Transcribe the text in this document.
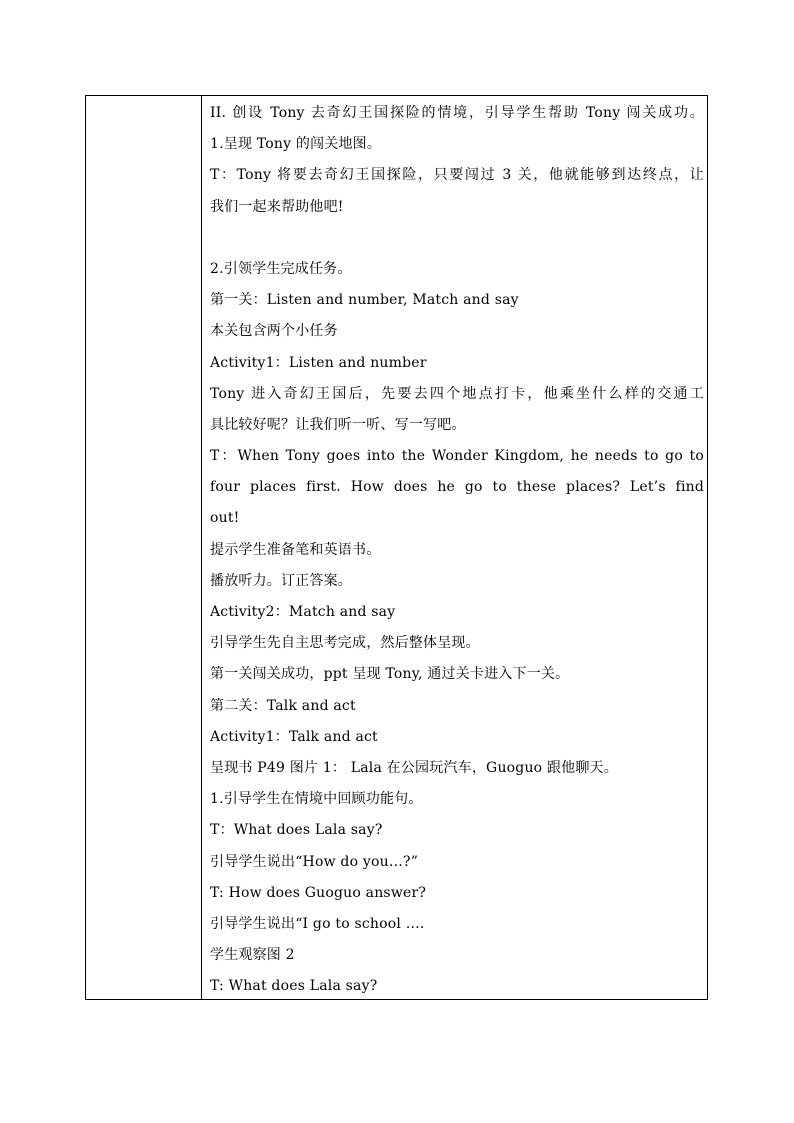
II. 创设 Tony 去奇幻王国探险的情境，引导学生帮助 Tony 闯关成功。
1.呈现 Tony 的闯关地图。
T：Tony 将要去奇幻王国探险，只要闯过 3 关，他就能够到达终点，让
我们一起来帮助他吧!
2.引领学生完成任务。
第一关：Listen and number, Match and say
本关包含两个小任务
Activity1：Listen and number
Tony 进入奇幻王国后，先要去四个地点打卡，他乘坐什么样的交通工
具比较好呢？让我们听一听、写一写吧。
T：When Tony goes into the Wonder Kingdom, he needs to go to
four places first. How does he go to these places? Let’s find
out!
提示学生准备笔和英语书。
播放听力。订正答案。
Activity2：Match and say
引导学生先自主思考完成，然后整体呈现。
第一关闯关成功，ppt 呈现 Tony, 通过关卡进入下一关。
第二关：Talk and act
Activity1：Talk and act
呈现书 P49 图片 1： Lala 在公园玩汽车，Guoguo 跟他聊天。
1.引导学生在情境中回顾功能句。
T：What does Lala say?
引导学生说出“How do you…?”
T: How does Guoguo answer?
引导学生说出“I go to school ….
学生观察图 2
T: What does Lala say?
